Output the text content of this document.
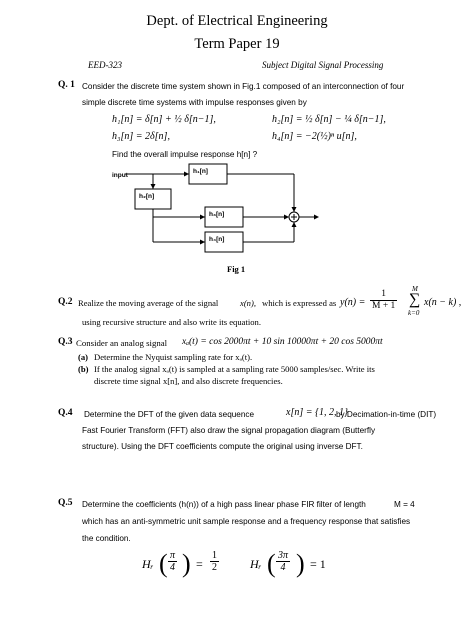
Dept. of Electrical Engineering
Term Paper 19
EED-323	Subject Digital Signal Processing
Q. 1 Consider the discrete time system shown in Fig.1 composed of an interconnection of four
simple discrete time systems with impulse responses given by
h₁[n] = δ[n] + ½ δ[n−1],	h₂[n] = ½ δ[n] − ¼ δ[n−1],
h₃[n] = 2δ[n],	h₄[n] = −2(½)ⁿ u[n],
Find the overall impulse response h[n] ?
input
h₁[n]
h₂[n]
h₃[n]
h₄[n]
Fig 1
Q.2 Realize the moving average of the signal	x(n), which is expressed as $y(n) = \frac{1}{M + 1}$ M
∑
k=0
x(n − k) ,
using recursive structure and also write its equation.
Q.3 Consider an analog signal xₐ(t) = cos 2000πt + 10 sin 10000πt + 20 cos 5000πt
(a) Determine the Nyquist sampling rate for xₐ(t).
(b) If the analog signal xₐ(t) is sampled at a sampling rate 5000 samples/sec. Write its
discrete time signal x[n], and also discrete frequencies.
Q.4 Determine the DFT of the given data sequence	x[n] = {1, 2, 1}
by Decimation-in-time (DIT)
Fast Fourier Transform (FFT) also draw the signal propagation diagram (Butterfly
structure). Using the DFT coefficients compute the original using inverse DFT.
Q.5 Determine the coefficients (h(n)) of a high pass linear phase FIR filter of length	M = 4
which has an anti-symmetric unit sample response and a frequency response that satisfies
the condition.
Hᵣ ( $\frac{\pi}{4}$ ) = $\frac{1}{2}$	Hᵣ ( $\frac{3\pi}{4}$ ) = 1
